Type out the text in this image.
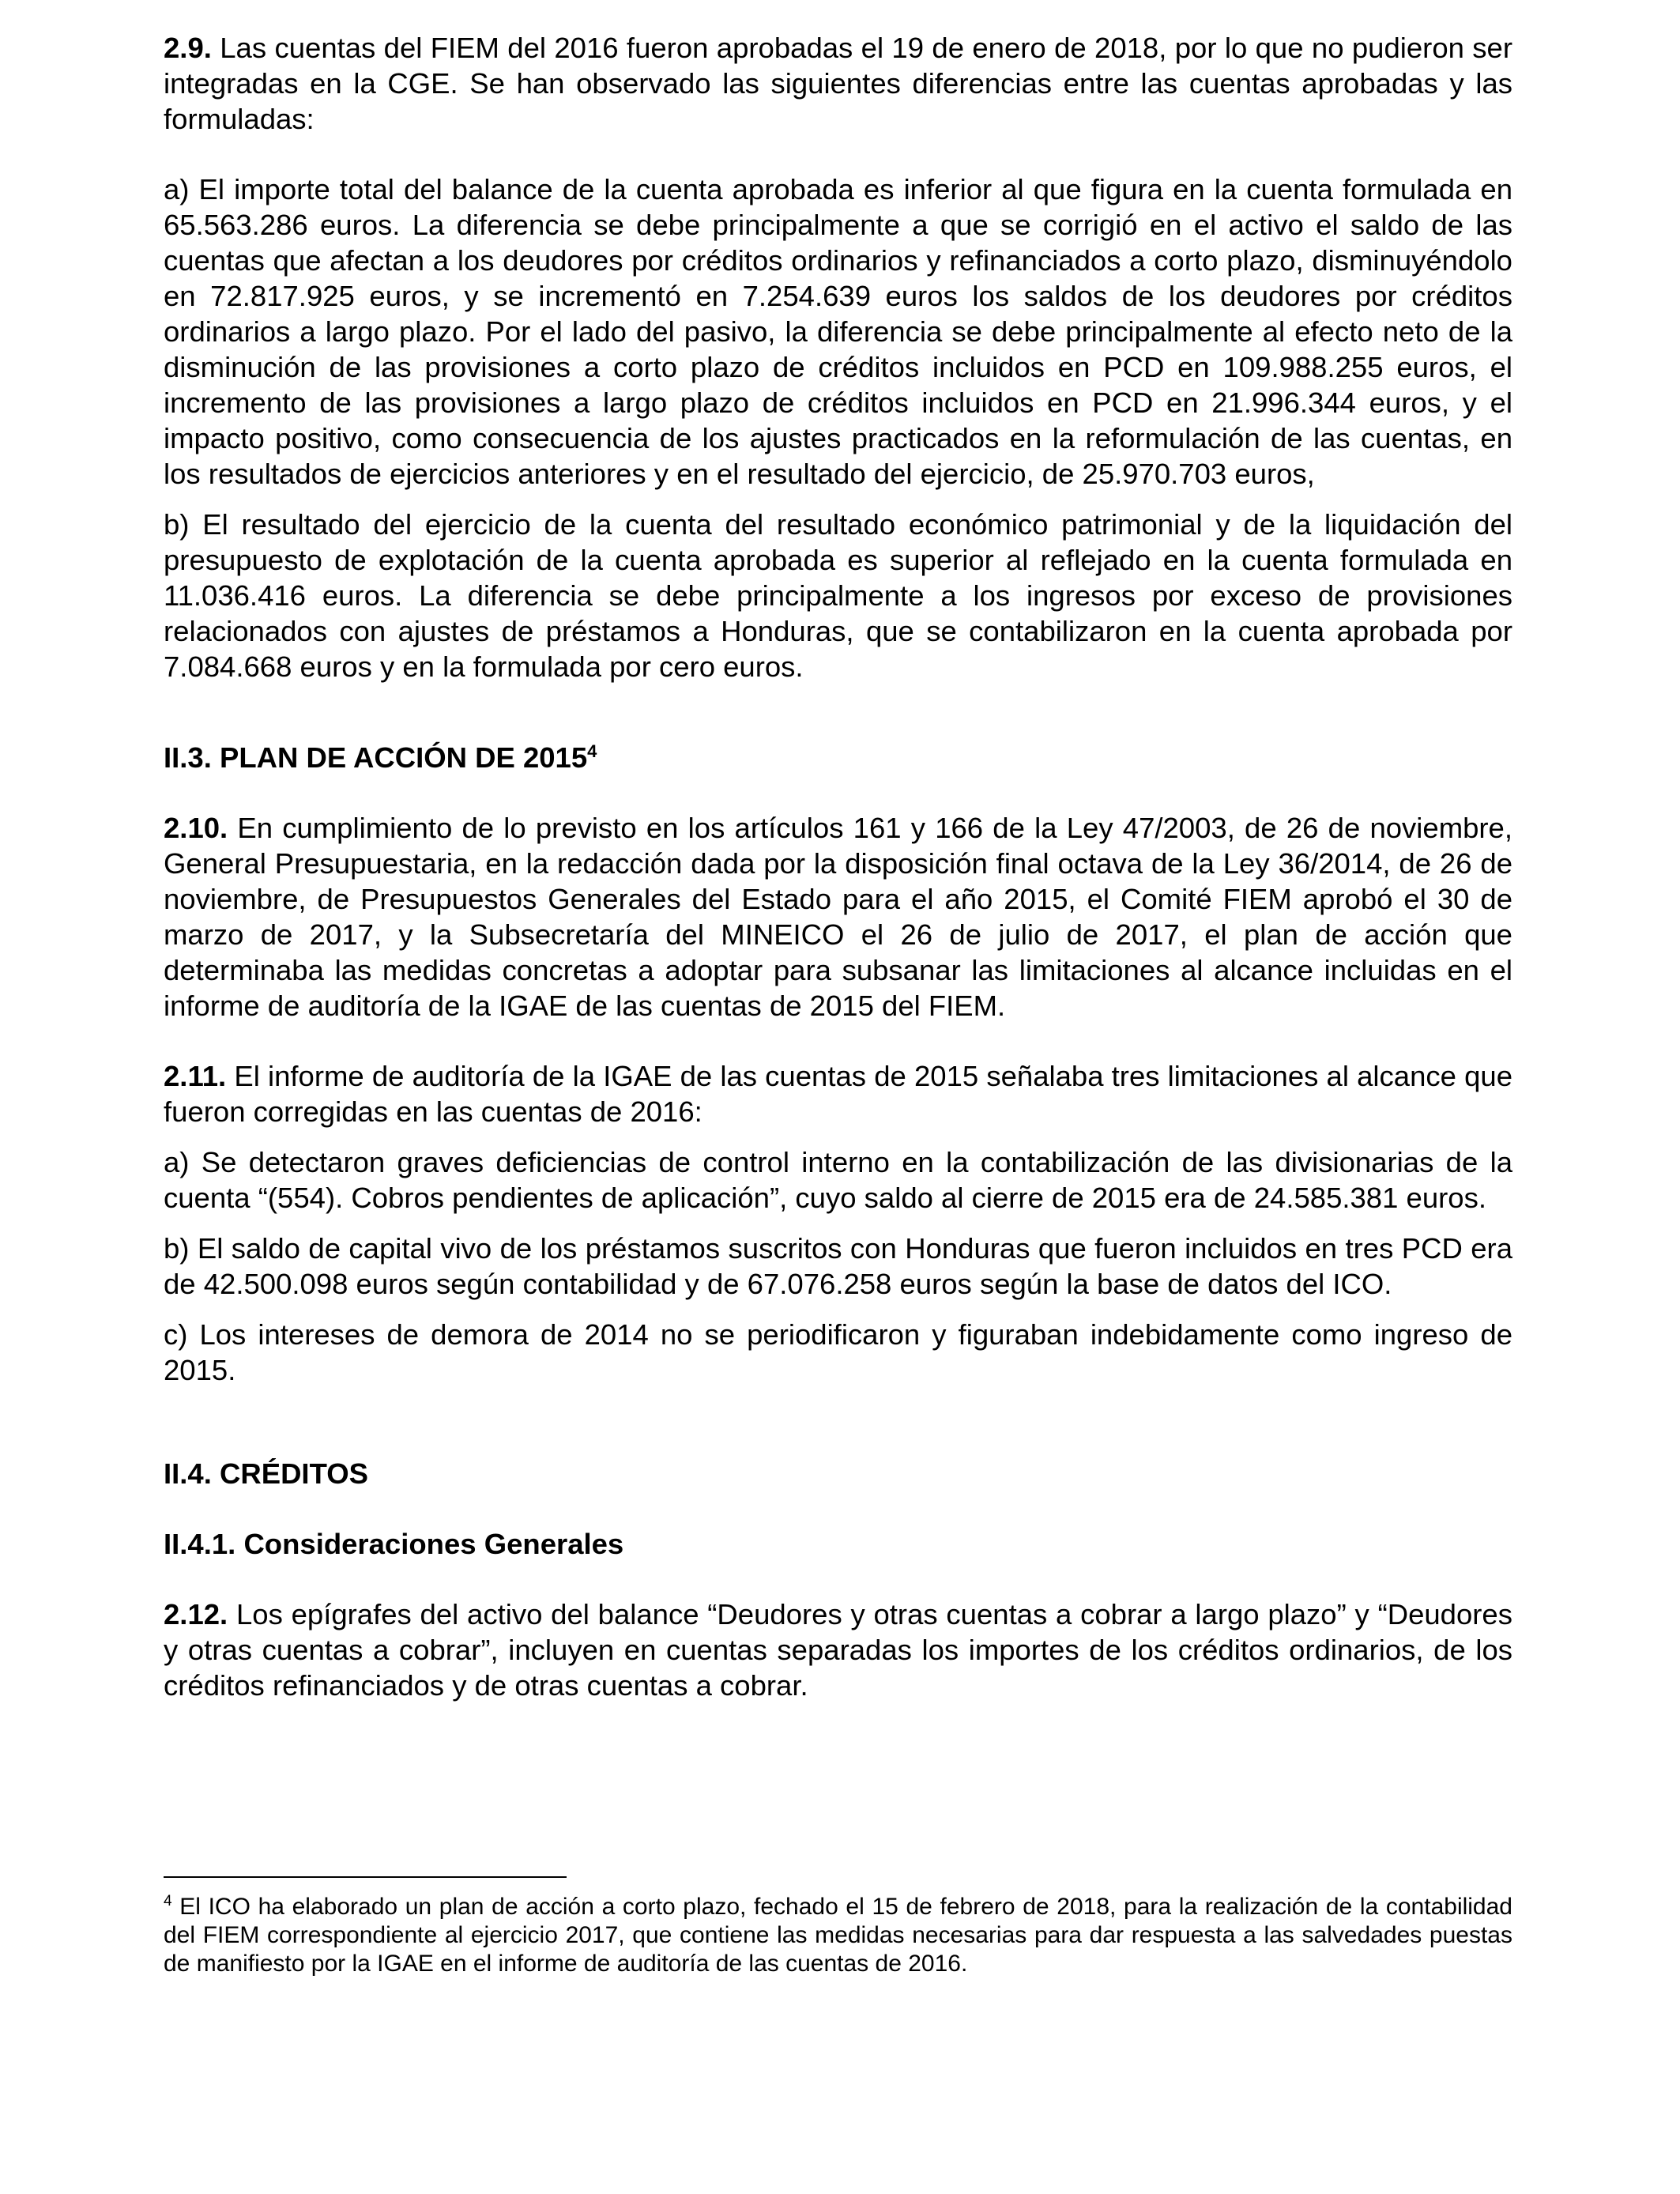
2.9. Las cuentas del FIEM del 2016 fueron aprobadas el 19 de enero de 2018, por lo que no pudieron ser integradas en la CGE. Se han observado las siguientes diferencias entre las cuentas aprobadas y las formuladas:

a) El importe total del balance de la cuenta aprobada es inferior al que figura en la cuenta formulada en 65.563.286 euros. La diferencia se debe principalmente a que se corrigió en el activo el saldo de las cuentas que afectan a los deudores por créditos ordinarios y refinanciados a corto plazo, disminuyéndolo en 72.817.925 euros, y se incrementó en 7.254.639 euros los saldos de los deudores por créditos ordinarios a largo plazo. Por el lado del pasivo, la diferencia se debe principalmente al efecto neto de la disminución de las provisiones a corto plazo de créditos incluidos en PCD en 109.988.255 euros, el incremento de las provisiones a largo plazo de créditos incluidos en PCD en 21.996.344 euros, y el impacto positivo, como consecuencia de los ajustes practicados en la reformulación de las cuentas, en los resultados de ejercicios anteriores y en el resultado del ejercicio, de 25.970.703 euros,

b) El resultado del ejercicio de la cuenta del resultado económico patrimonial y de la liquidación del presupuesto de explotación de la cuenta aprobada es superior al reflejado en la cuenta formulada en 11.036.416 euros. La diferencia se debe principalmente a los ingresos por exceso de provisiones relacionados con ajustes de préstamos a Honduras, que se contabilizaron en la cuenta aprobada por 7.084.668 euros y en la formulada por cero euros.

II.3. PLAN DE ACCIÓN DE 2015$^4$

2.10. En cumplimiento de lo previsto en los artículos 161 y 166 de la Ley 47/2003, de 26 de noviembre, General Presupuestaria, en la redacción dada por la disposición final octava de la Ley 36/2014, de 26 de noviembre, de Presupuestos Generales del Estado para el año 2015, el Comité FIEM aprobó el 30 de marzo de 2017, y la Subsecretaría del MINEICO el 26 de julio de 2017, el plan de acción que determinaba las medidas concretas a adoptar para subsanar las limitaciones al alcance incluidas en el informe de auditoría de la IGAE de las cuentas de 2015 del FIEM.

2.11. El informe de auditoría de la IGAE de las cuentas de 2015 señalaba tres limitaciones al alcance que fueron corregidas en las cuentas de 2016:

a) Se detectaron graves deficiencias de control interno en la contabilización de las divisionarias de la cuenta “(554). Cobros pendientes de aplicación”, cuyo saldo al cierre de 2015 era de 24.585.381 euros.

b) El saldo de capital vivo de los préstamos suscritos con Honduras que fueron incluidos en tres PCD era de 42.500.098 euros según contabilidad y de 67.076.258 euros según la base de datos del ICO.

c) Los intereses de demora de 2014 no se periodificaron y figuraban indebidamente como ingreso de 2015.

II.4. CRÉDITOS

II.4.1. Consideraciones Generales

2.12. Los epígrafes del activo del balance “Deudores y otras cuentas a cobrar a largo plazo” y “Deudores y otras cuentas a cobrar”, incluyen en cuentas separadas los importes de los créditos ordinarios, de los créditos refinanciados y de otras cuentas a cobrar.

$^4$ El ICO ha elaborado un plan de acción a corto plazo, fechado el 15 de febrero de 2018, para la realización de la contabilidad del FIEM correspondiente al ejercicio 2017, que contiene las medidas necesarias para dar respuesta a las salvedades puestas de manifiesto por la IGAE en el informe de auditoría de las cuentas de 2016.
